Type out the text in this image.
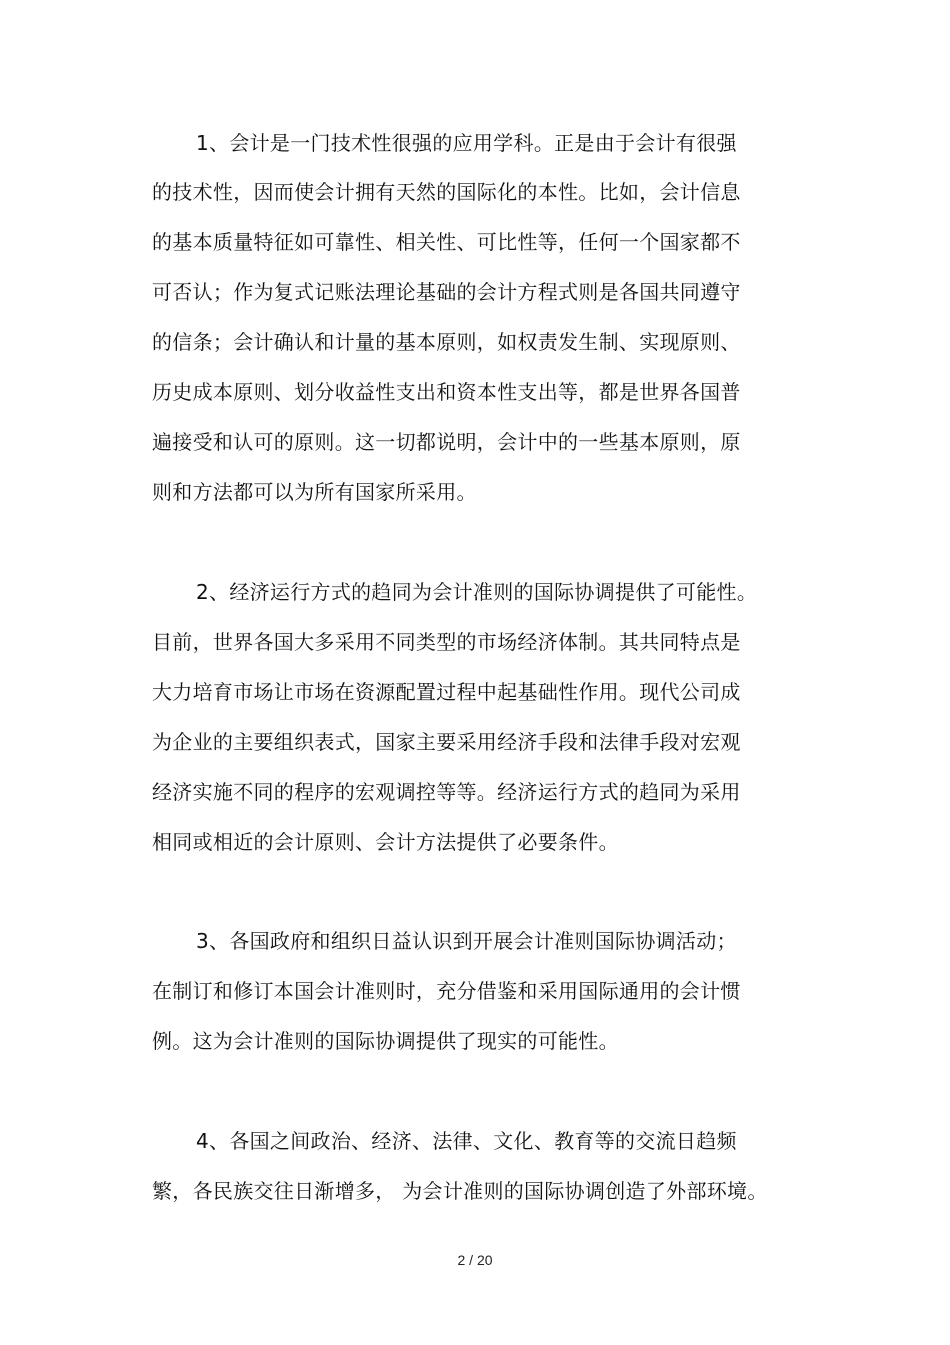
1、会计是一门技术性很强的应用学科。正是由于会计有很强
的技术性，因而使会计拥有天然的国际化的本性。比如，会计信息
的基本质量特征如可靠性、相关性、可比性等，任何一个国家都不
可否认；作为复式记账法理论基础的会计方程式则是各国共同遵守
的信条；会计确认和计量的基本原则，如权责发生制、实现原则、
历史成本原则、划分收益性支出和资本性支出等，都是世界各国普
遍接受和认可的原则。这一切都说明，会计中的一些基本原则，原
则和方法都可以为所有国家所采用。
2、经济运行方式的趋同为会计准则的国际协调提供了可能性。
目前，世界各国大多采用不同类型的市场经济体制。其共同特点是
大力培育市场让市场在资源配置过程中起基础性作用。现代公司成
为企业的主要组织表式，国家主要采用经济手段和法律手段对宏观
经济实施不同的程序的宏观调控等等。经济运行方式的趋同为采用
相同或相近的会计原则、会计方法提供了必要条件。
3、各国政府和组织日益认识到开展会计准则国际协调活动；
在制订和修订本国会计准则时，充分借鉴和采用国际通用的会计惯
例。这为会计准则的国际协调提供了现实的可能性。
4、各国之间政治、经济、法律、文化、教育等的交流日趋频
繁，各民族交往日渐增多， 为会计准则的国际协调创造了外部环境。
2 / 20
